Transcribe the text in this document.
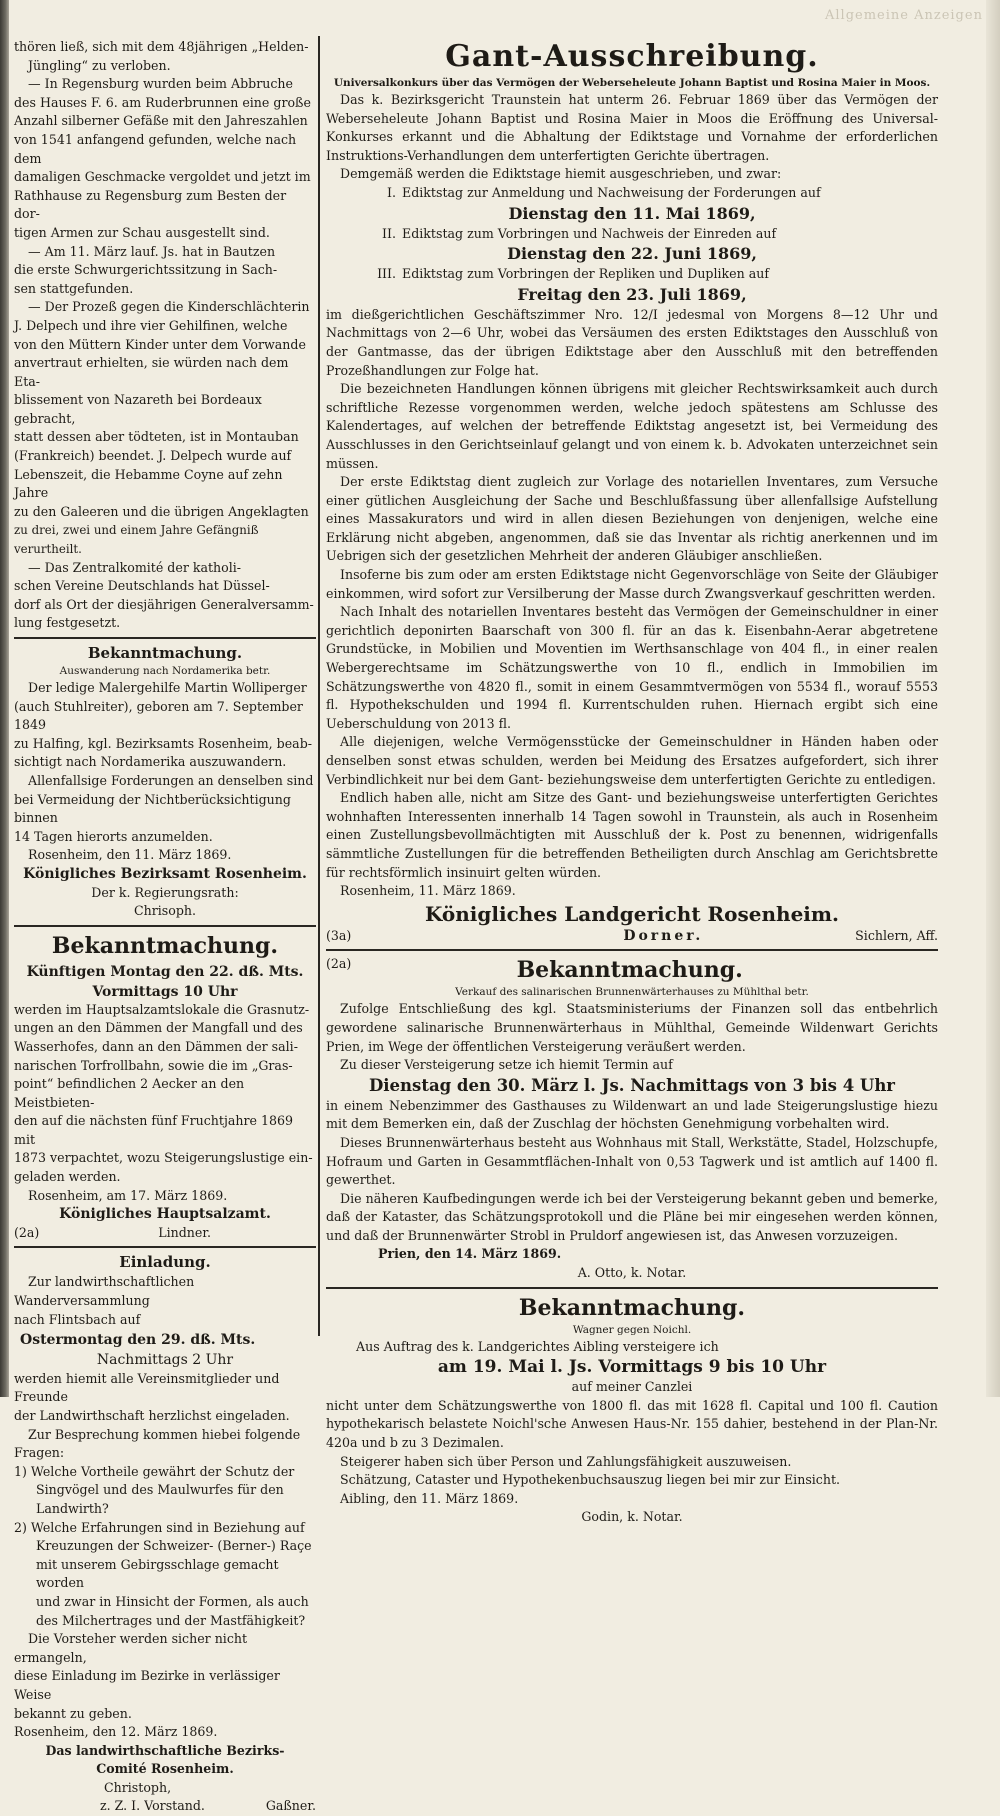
Allgemeine Anzeigen

thören ließ, sich mit dem 48jährigen „Helden-

Jüngling“ zu verloben.

— In Regensburg wurden beim Abbruche

des Hauses F. 6. am Ruderbrunnen eine große

Anzahl silberner Gefäße mit den Jahreszahlen

von 1541 anfangend gefunden, welche nach dem

damaligen Geschmacke vergoldet und jetzt im

Rathhause zu Regensburg zum Besten der dor-

tigen Armen zur Schau ausgestellt sind.

— Am 11. März lauf. Js. hat in Bautzen

die erste Schwurgerichtssitzung in Sach-

sen stattgefunden.

— Der Prozeß gegen die Kinderschlächterin

J. Delpech und ihre vier Gehilfinen, welche

von den Müttern Kinder unter dem Vorwande

anvertraut erhielten, sie würden nach dem Eta-

blissement von Nazareth bei Bordeaux gebracht,

statt dessen aber tödteten, ist in Montauban

(Frankreich) beendet. J. Delpech wurde auf

Lebenszeit, die Hebamme Coyne auf zehn Jahre

zu den Galeeren und die übrigen Angeklagten

zu drei, zwei und einem Jahre Gefängniß verurtheilt.

— Das Zentralkomité der katholi-

schen Vereine Deutschlands hat Düssel-

dorf als Ort der diesjährigen Generalversamm-

lung festgesetzt.

Bekanntmachung.

Auswanderung nach Nordamerika betr.

Der ledige Malergehilfe Martin Wolliperger

(auch Stuhlreiter), geboren am 7. September 1849

zu Halfing, kgl. Bezirksamts Rosenheim, beab-

sichtigt nach Nordamerika auszuwandern.

Allenfallsige Forderungen an denselben sind

bei Vermeidung der Nichtberücksichtigung binnen

14 Tagen hierorts anzumelden.

Rosenheim, den 11. März 1869.

Königliches Bezirksamt Rosenheim.

Der k. Regierungsrath:

Chrisoph.

Bekanntmachung.

Künftigen Montag den 22. dß. Mts.

Vormittags 10 Uhr

werden im Hauptsalzamtslokale die Grasnutz-

ungen an den Dämmen der Mangfall und des

Wasserhofes, dann an den Dämmen der sali-

narischen Torfrollbahn, sowie die im „Gras-

point“ befindlichen 2 Aecker an den Meistbieten-

den auf die nächsten fünf Fruchtjahre 1869 mit

1873 verpachtet, wozu Steigerungslustige ein-

geladen werden.

Rosenheim, am 17. März 1869.

Königliches Hauptsalzamt.

(2a)	Lindner.

Einladung.

Zur landwirthschaftlichen Wanderversammlung

nach Flintsbach auf

Ostermontag den 29. dß. Mts.

Nachmittags 2 Uhr

werden hiemit alle Vereinsmitglieder und Freunde

der Landwirthschaft herzlichst eingeladen.

Zur Besprechung kommen hiebei folgende

Fragen:

1) Welche Vortheile gewährt der Schutz der

Singvögel und des Maulwurfes für den

Landwirth?

2) Welche Erfahrungen sind in Beziehung auf

Kreuzungen der Schweizer- (Berner-) Raçe

mit unserem Gebirgsschlage gemacht worden

und zwar in Hinsicht der Formen, als auch

des Milchertrages und der Mastfähigkeit?

Die Vorsteher werden sicher nicht ermangeln,

diese Einladung im Bezirke in verlässiger Weise

bekannt zu geben.

Rosenheim, den 12. März 1869.

Das landwirthschaftliche Bezirks-

Comité Rosenheim.

Christoph,

z. Z. I. Vorstand.	Gaßner.

Gant-Ausschreibung.

Universalkonkurs über das Vermögen der Weberseheleute Johann Baptist und Rosina Maier in Moos.

Das k. Bezirksgericht Traunstein hat unterm 26. Februar 1869 über das Vermögen der Weberseheleute Johann Baptist und Rosina Maier in Moos die Eröffnung des Universal-Konkurses erkannt und die Abhaltung der Ediktstage und Vornahme der erforderlichen Instruktions-Verhandlungen dem unterfertigten Gerichte übertragen.

Demgemäß werden die Ediktstage hiemit ausgeschrieben, und zwar:

I. Ediktstag zur Anmeldung und Nachweisung der Forderungen auf

Dienstag den 11. Mai 1869,

II. Ediktstag zum Vorbringen und Nachweis der Einreden auf

Dienstag den 22. Juni 1869,

III. Ediktstag zum Vorbringen der Repliken und Dupliken auf

Freitag den 23. Juli 1869,

im dießgerichtlichen Geschäftszimmer Nro. 12/I jedesmal von Morgens 8—12 Uhr und Nachmittags von 2—6 Uhr, wobei das Versäumen des ersten Ediktstages den Ausschluß von der Gantmasse, das der übrigen Ediktstage aber den Ausschluß mit den betreffenden Prozeßhandlungen zur Folge hat.

Die bezeichneten Handlungen können übrigens mit gleicher Rechtswirksamkeit auch durch schriftliche Rezesse vorgenommen werden, welche jedoch spätestens am Schlusse des Kalendertages, auf welchen der betreffende Ediktstag angesetzt ist, bei Vermeidung des Ausschlusses in den Gerichtseinlauf gelangt und von einem k. b. Advokaten unterzeichnet sein müssen.

Der erste Ediktstag dient zugleich zur Vorlage des notariellen Inventares, zum Versuche einer gütlichen Ausgleichung der Sache und Beschlußfassung über allenfallsige Aufstellung eines Massakurators und wird in allen diesen Beziehungen von denjenigen, welche eine Erklärung nicht abgeben, angenommen, daß sie das Inventar als richtig anerkennen und im Uebrigen sich der gesetzlichen Mehrheit der anderen Gläubiger anschließen.

Insoferne bis zum oder am ersten Ediktstage nicht Gegenvorschläge von Seite der Gläubiger einkommen, wird sofort zur Versilberung der Masse durch Zwangsverkauf geschritten werden.

Nach Inhalt des notariellen Inventares besteht das Vermögen der Gemeinschuldner in einer gerichtlich deponirten Baarschaft von 300 fl. für an das k. Eisenbahn-Aerar abgetretene Grundstücke, in Mobilien und Moventien im Werthsanschlage von 404 fl., in einer realen Webergerechtsame im Schätzungswerthe von 10 fl., endlich in Immobilien im Schätzungswerthe von 4820 fl., somit in einem Gesammtvermögen von 5534 fl., worauf 5553 fl. Hypothekschulden und 1994 fl. Kurrentschulden ruhen. Hiernach ergibt sich eine Ueberschuldung von 2013 fl.

Alle diejenigen, welche Vermögensstücke der Gemeinschuldner in Händen haben oder denselben sonst etwas schulden, werden bei Meidung des Ersatzes aufgefordert, sich ihrer Verbindlichkeit nur bei dem Gant- beziehungsweise dem unterfertigten Gerichte zu entledigen.

Endlich haben alle, nicht am Sitze des Gant- und beziehungsweise unterfertigten Gerichtes wohnhaften Interessenten innerhalb 14 Tagen sowohl in Traunstein, als auch in Rosenheim einen Zustellungsbevollmächtigten mit Ausschluß der k. Post zu benennen, widrigenfalls sämmtliche Zustellungen für die betreffenden Betheiligten durch Anschlag am Gerichtsbrette für rechtsförmlich insinuirt gelten würden.

Rosenheim, 11. März 1869.

Königliches Landgericht Rosenheim.

(3a)	Dorner.	Sichlern, Aff.
(2a)	Bekanntmachung.

Verkauf des salinarischen Brunnenwärterhauses zu Mühlthal betr.

Zufolge Entschließung des kgl. Staatsministeriums der Finanzen soll das entbehrlich gewordene salinarische Brunnenwärterhaus in Mühlthal, Gemeinde Wildenwart Gerichts Prien, im Wege der öffentlichen Versteigerung veräußert werden.

Zu dieser Versteigerung setze ich hiemit Termin auf

Dienstag den 30. März l. Js. Nachmittags von 3 bis 4 Uhr

in einem Nebenzimmer des Gasthauses zu Wildenwart an und lade Steigerungslustige hiezu mit dem Bemerken ein, daß der Zuschlag der höchsten Genehmigung vorbehalten wird.

Dieses Brunnenwärterhaus besteht aus Wohnhaus mit Stall, Werkstätte, Stadel, Holzschupfe, Hofraum und Garten in Gesammtflächen-Inhalt von 0,53 Tagwerk und ist amtlich auf 1400 fl. gewerthet.

Die näheren Kaufbedingungen werde ich bei der Versteigerung bekannt geben und bemerke, daß der Kataster, das Schätzungsprotokoll und die Pläne bei mir eingesehen werden können, und daß der Brunnenwärter Strobl in Pruldorf angewiesen ist, das Anwesen vorzuzeigen.

Prien, den 14. März 1869.

A. Otto, k. Notar.

Bekanntmachung.

Wagner gegen Noichl.

Aus Auftrag des k. Landgerichtes Aibling versteigere ich

am 19. Mai l. Js. Vormittags 9 bis 10 Uhr

auf meiner Canzlei

nicht unter dem Schätzungswerthe von 1800 fl. das mit 1628 fl. Capital und 100 fl. Caution hypothekarisch belastete Noichl'sche Anwesen Haus-Nr. 155 dahier, bestehend in der Plan-Nr. 420a und b zu 3 Dezimalen.

Steigerer haben sich über Person und Zahlungsfähigkeit auszuweisen.

Schätzung, Cataster und Hypothekenbuchsauszug liegen bei mir zur Einsicht.

Aibling, den 11. März 1869.

Godin, k. Notar.
